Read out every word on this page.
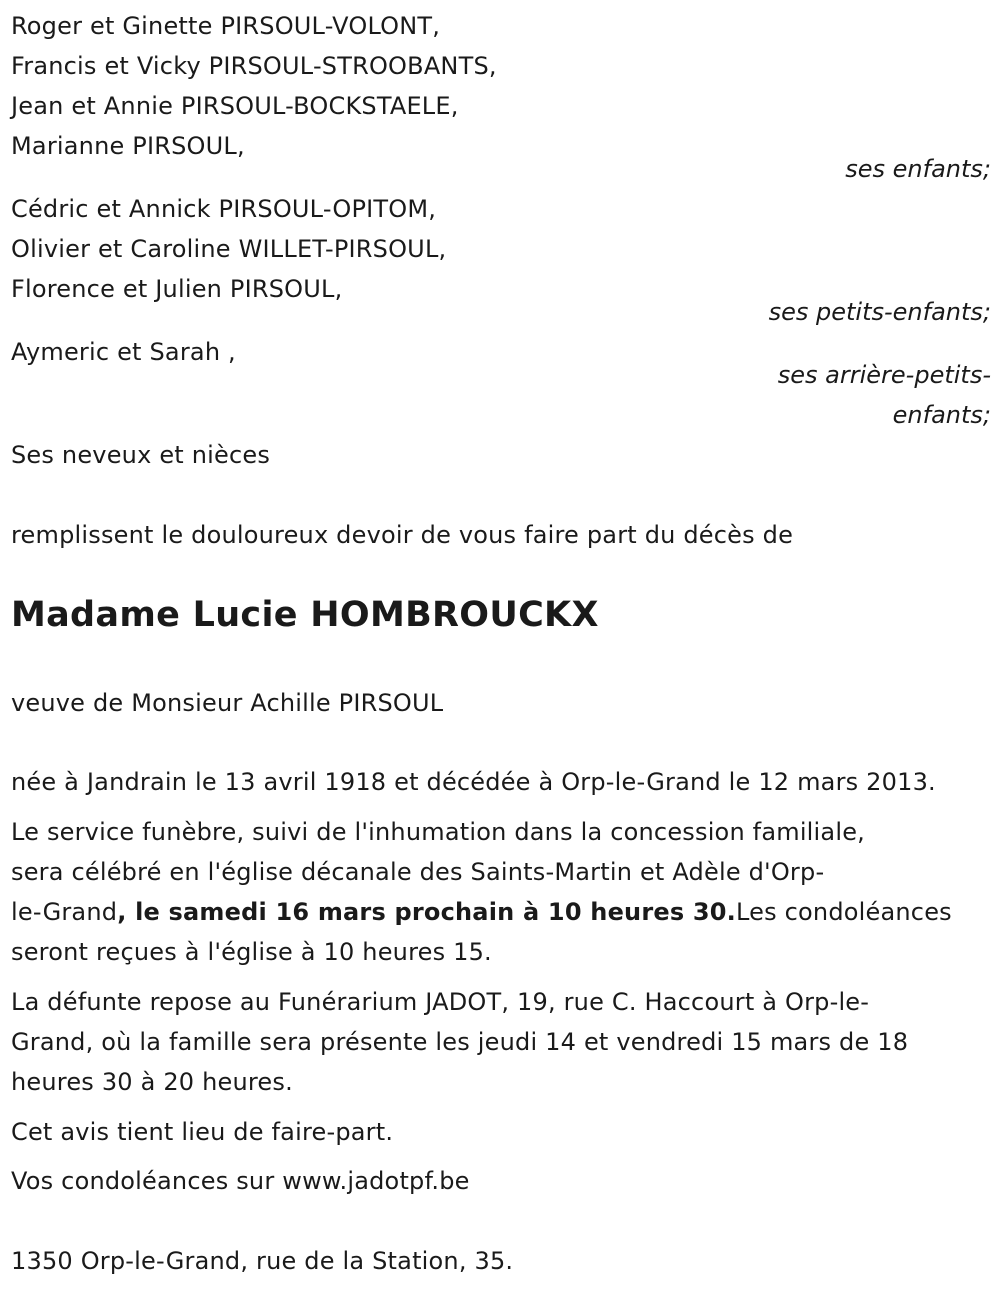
Roger et Ginette PIRSOUL-VOLONT,
Francis et Vicky PIRSOUL-STROOBANTS,
Jean et Annie PIRSOUL-BOCKSTAELE,
Marianne PIRSOUL,
ses enfants;
Cédric et Annick PIRSOUL-OPITOM,
Olivier et Caroline WILLET-PIRSOUL,
Florence et Julien PIRSOUL,
ses petits-enfants;
Aymeric et Sarah ,
ses arrière-petits-
enfants;
Ses neveux et nièces
remplissent le douloureux devoir de vous faire part du décès de
Madame Lucie HOMBROUCKX
veuve de Monsieur Achille PIRSOUL
née à Jandrain le 13 avril 1918 et décédée à Orp-le-Grand le 12 mars 2013.
Le service funèbre, suivi de l'inhumation dans la concession familiale,
sera célébré en l'église décanale des Saints-Martin et Adèle d'Orp-
le-Grand, le samedi 16 mars prochain à 10 heures 30.Les condoléances
seront reçues à l'église à 10 heures 15.
La défunte repose au Funérarium JADOT, 19, rue C. Haccourt à Orp-le-
Grand, où la famille sera présente les jeudi 14 et vendredi 15 mars de 18
heures 30 à 20 heures.
Cet avis tient lieu de faire-part.
Vos condoléances sur www.jadotpf.be
1350 Orp-le-Grand, rue de la Station, 35.
